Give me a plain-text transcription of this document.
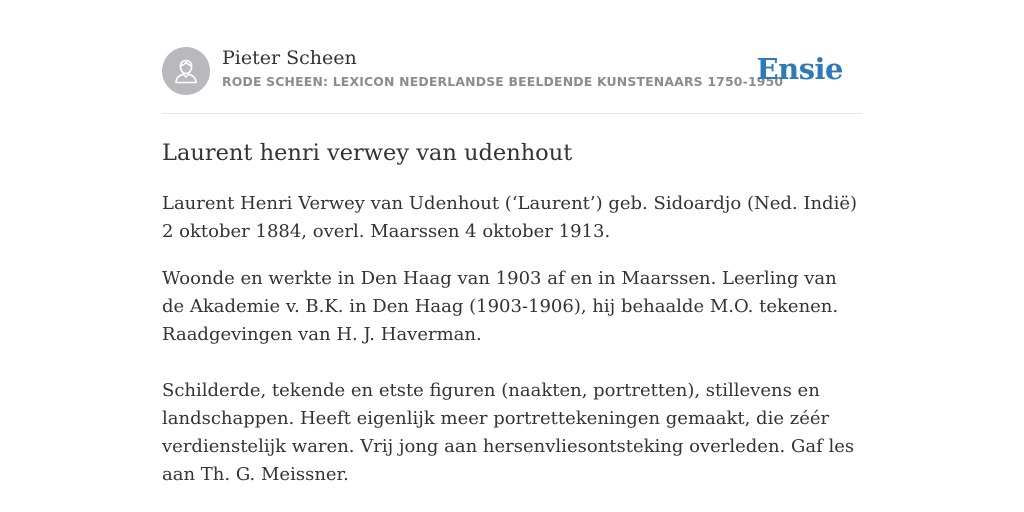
Pieter Scheen
RODE SCHEEN: LEXICON NEDERLANDSE BEELDENDE KUNSTENAARS 1750-1950
Ensie
Laurent henri verwey van udenhout

Laurent Henri Verwey van Udenhout (‘Laurent’) geb. Sidoardjo (Ned. Indië) 2 oktober 1884, overl. Maarssen 4 oktober 1913.

Woonde en werkte in Den Haag van 1903 af en in Maarssen. Leerling van de Akademie v. B.K. in Den Haag (1903-1906), hij behaalde M.O. tekenen. Raadgevingen van H. J. Haverman.

Schilderde, tekende en etste figuren (naakten, portretten), stillevens en landschappen. Heeft eigenlijk meer portrettekeningen gemaakt, die zéér verdienstelijk waren. Vrij jong aan hersenvliesontsteking overleden. Gaf les aan Th. G. Meissner.
